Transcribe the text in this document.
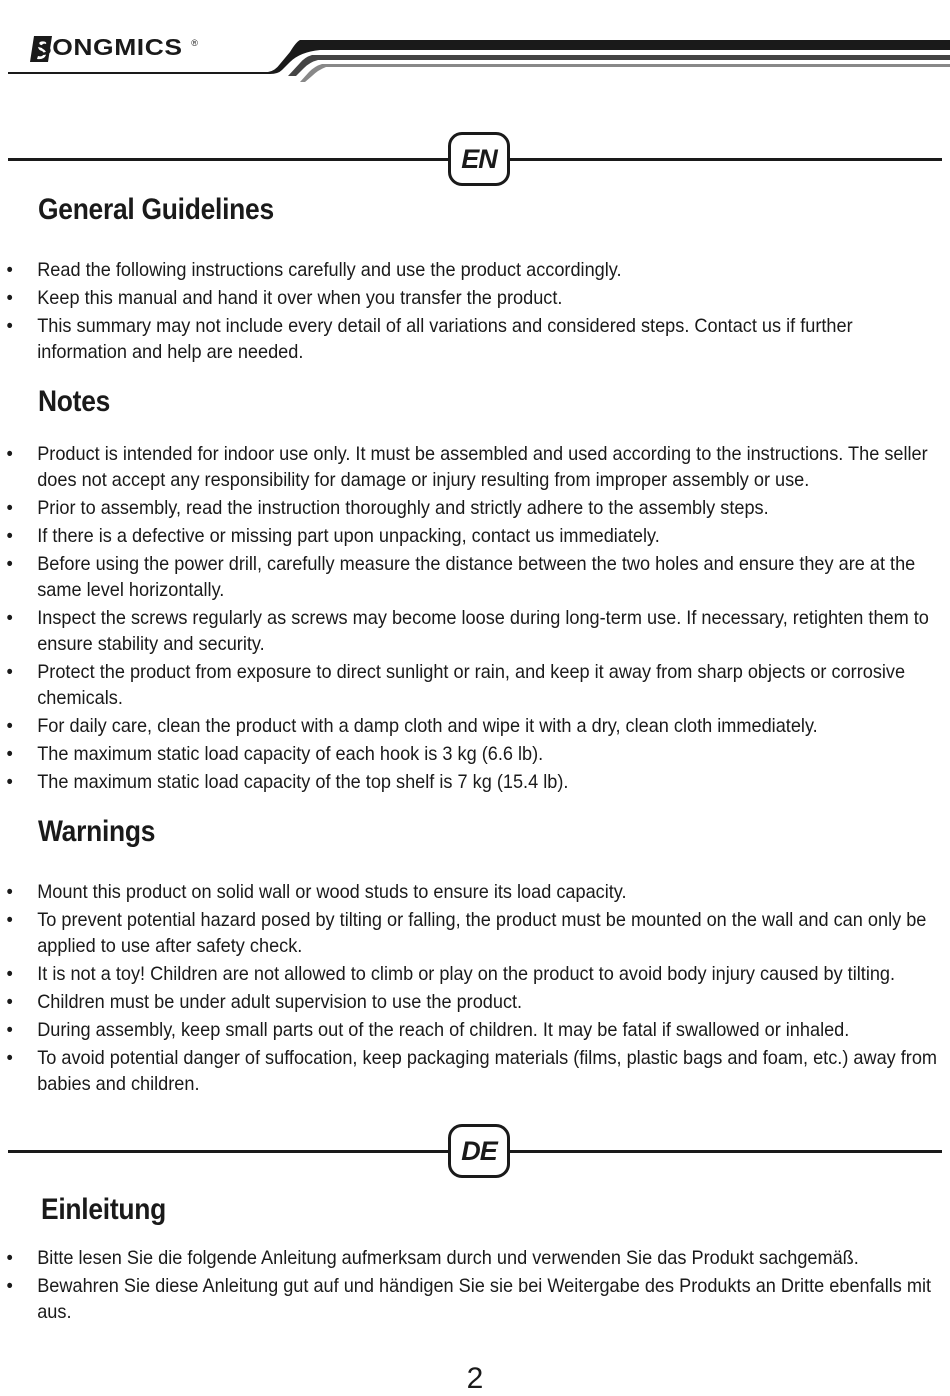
SONGMICS ®
EN
General Guidelines
• Read the following instructions carefully and use the product accordingly.
• Keep this manual and hand it over when you transfer the product.
• This summary may not include every detail of all variations and considered steps. Contact us if further information and help are needed.
Notes
• Product is intended for indoor use only. It must be assembled and used according to the instructions. The seller does not accept any responsibility for damage or injury resulting from improper assembly or use.
• Prior to assembly, read the instruction thoroughly and strictly adhere to the assembly steps.
• If there is a defective or missing part upon unpacking, contact us immediately.
• Before using the power drill, carefully measure the distance between the two holes and ensure they are at the same level horizontally.
• Inspect the screws regularly as screws may become loose during long-term use. If necessary, retighten them to ensure stability and security.
• Protect the product from exposure to direct sunlight or rain, and keep it away from sharp objects or corrosive chemicals.
• For daily care, clean the product with a damp cloth and wipe it with a dry, clean cloth immediately.
• The maximum static load capacity of each hook is 3 kg (6.6 lb).
• The maximum static load capacity of the top shelf is 7 kg (15.4 lb).
Warnings
• Mount this product on solid wall or wood studs to ensure its load capacity.
• To prevent potential hazard posed by tilting or falling, the product must be mounted on the wall and can only be applied to use after safety check.
• It is not a toy! Children are not allowed to climb or play on the product to avoid body injury caused by tilting.
• Children must be under adult supervision to use the product.
• During assembly, keep small parts out of the reach of children. It may be fatal if swallowed or inhaled.
• To avoid potential danger of suffocation, keep packaging materials (films, plastic bags and foam, etc.) away from babies and children.
DE
Einleitung
• Bitte lesen Sie die folgende Anleitung aufmerksam durch und verwenden Sie das Produkt sachgemäß.
• Bewahren Sie diese Anleitung gut auf und händigen Sie sie bei Weitergabe des Produkts an Dritte ebenfalls mit aus.
2
